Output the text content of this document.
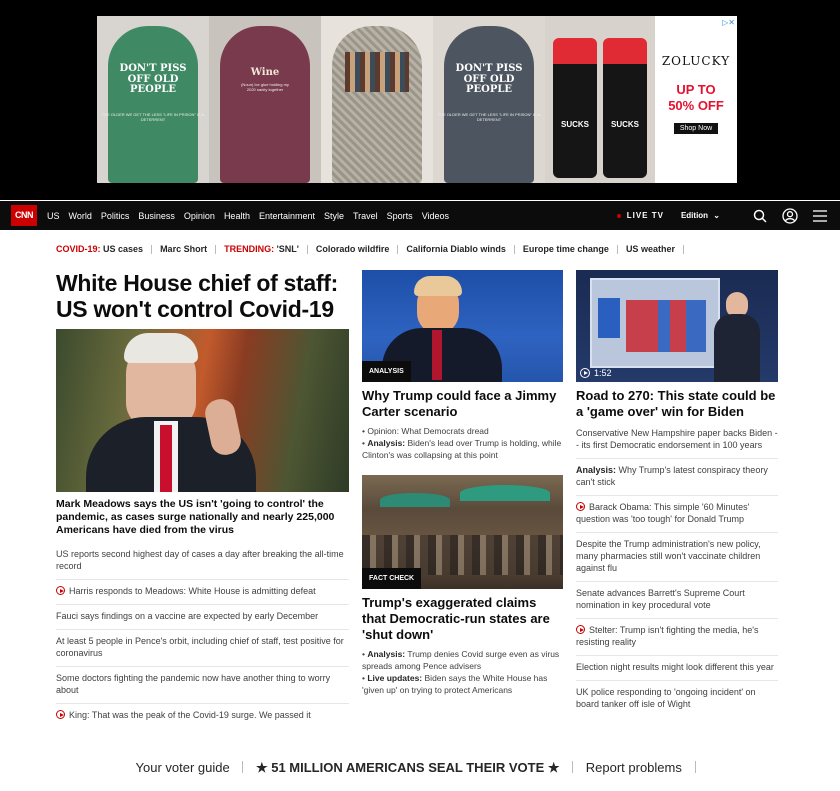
DON'T PISS OFF OLD PEOPLE
THE OLDER WE GET THE LESS "LIFE IN PRISON" IS A DETERRENT
Wine
(Noun) Ice glue holding my 2020 sanity together
DON'T PISS OFF OLD PEOPLE
THE OLDER WE GET THE LESS "LIFE IN PRISON" IS A DETERRENT
SUCKS	SUCKS
ZOLUCKY
UP TO
50% OFF
Shop Now
▷✕
CNN	US World Politics Business Opinion Health Entertainment Style Travel Sports Videos	LIVE TV Edition ⌄
COVID-19: US cases Marc Short TRENDING: 'SNL' Colorado wildfire California Diablo winds Europe time change US weather
White House chief of staff: US won't control Covid-19
Mark Meadows says the US isn't 'going to control' the pandemic, as cases surge nationally and nearly 225,000 Americans have died from the virus
US reports second highest day of cases a day after breaking the all-time record
Harris responds to Meadows: White House is admitting defeat
Fauci says findings on a vaccine are expected by early December
At least 5 people in Pence's orbit, including chief of staff, test positive for coronavirus
Some doctors fighting the pandemic now have another thing to worry about
King: That was the peak of the Covid-19 surge. We passed it
ANALYSIS
Why Trump could face a Jimmy Carter scenario
• Opinion: What Democrats dread
• Analysis: Biden's lead over Trump is holding, while Clinton's was collapsing at this point
FACT CHECK
Trump's exaggerated claims that Democratic-run states are 'shut down'
• Analysis: Trump denies Covid surge even as virus spreads among Pence advisers
• Live updates: Biden says the White House has 'given up' on trying to protect Americans
1:52
Road to 270: This state could be a 'game over' win for Biden
Conservative New Hampshire paper backs Biden -- its first Democratic endorsement in 100 years
Analysis: Why Trump's latest conspiracy theory can't stick
Barack Obama: This simple '60 Minutes' question was 'too tough' for Donald Trump
Despite the Trump administration's new policy, many pharmacies still won't vaccinate children against flu
Senate advances Barrett's Supreme Court nomination in key procedural vote
Stelter: Trump isn't fighting the media, he's resisting reality
Election night results might look different this year
UK police responding to 'ongoing incident' on board tanker off isle of Wight
Your voter guide ★ 51 MILLION AMERICANS SEAL THEIR VOTE ★ Report problems
